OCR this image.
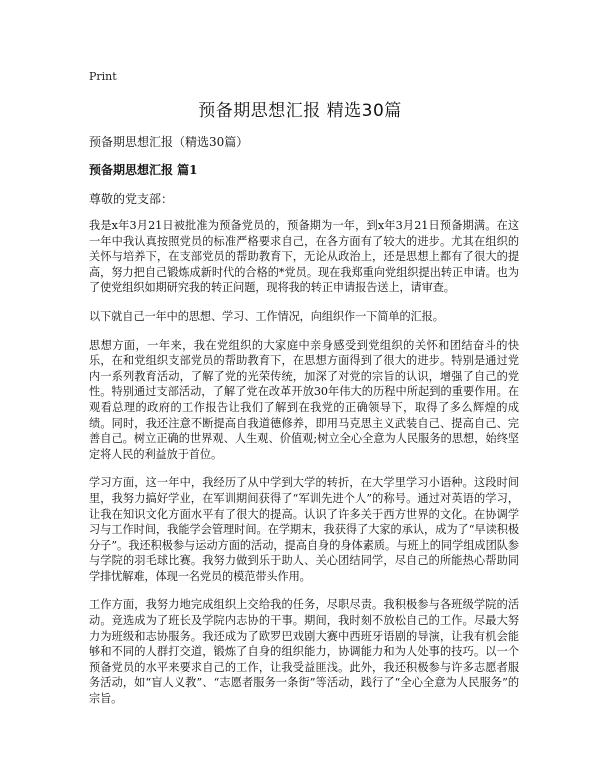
Print
预备期思想汇报 精选30篇

预备期思想汇报（精选30篇）

预备期思想汇报 篇1

尊敬的党支部：

我是x年3月21日被批准为预备党员的，预备期为一年，到x年3月21日预备期满。在这一年中我认真按照党员的标准严格要求自己，在各方面有了较大的进步。尤其在组织的关怀与培养下，在支部党员的帮助教育下，无论从政治上，还是思想上都有了很大的提高，努力把自己锻炼成新时代的合格的*党员。现在我郑重向党组织提出转正申请。也为了使党组织如期研究我的转正问题，现将我的转正申请报告送上，请审查。

以下就自己一年中的思想、学习、工作情况，向组织作一下简单的汇报。

思想方面，一年来，我在党组织的大家庭中亲身感受到党组织的关怀和团结奋斗的快乐，在和党组织支部党员的帮助教育下，在思想方面得到了很大的进步。特别是通过党内一系列教育活动，了解了党的光荣传统，加深了对党的宗旨的认识，增强了自己的党性。特别通过支部活动，了解了党在改革开放30年伟大的历程中所起到的重要作用。在观看总理的政府的工作报告让我们了解到在我党的正确领导下，取得了多么辉煌的成绩。同时，我还注意不断提高自我道德修养，即用马克思主义武装自己、提高自己、完善自己。树立正确的世界观、人生观、价值观;树立全心全意为人民服务的思想，始终坚定将人民的利益放于首位。

学习方面，这一年中，我经历了从中学到大学的转折，在大学里学习小语种。这段时间里，我努力搞好学业，在军训期间获得了“军训先进个人”的称号。通过对英语的学习，让我在知识文化方面水平有了很大的提高。认识了许多关于西方世界的文化。在协调学习与工作时间，我能学会管理时间。在学期末，我获得了大家的承认，成为了“早读积极分子”。我还积极参与运动方面的活动，提高自身的身体素质。与班上的同学组成团队参与学院的羽毛球比赛。我努力做到乐于助人、关心团结同学，尽自己的所能热心帮助同学排忧解难，体现一名党员的模范带头作用。

工作方面，我努力地完成组织上交给我的任务，尽职尽责。我积极参与各班级学院的活动。竞选成为了班长及学院内志协的干事。期间，我时刻不放松自己的工作。尽最大努力为班级和志协服务。我还成为了欧罗巴戏剧大赛中西班牙语剧的导演，让我有机会能够和不同的人群打交道，锻炼了自身的组织能力，协调能力和为人处事的技巧。以一个预备党员的水平来要求自己的工作，让我受益匪浅。此外，我还积极参与许多志愿者服务活动，如“盲人义教”、“志愿者服务一条街”等活动，践行了“全心全意为人民服务”的宗旨。
